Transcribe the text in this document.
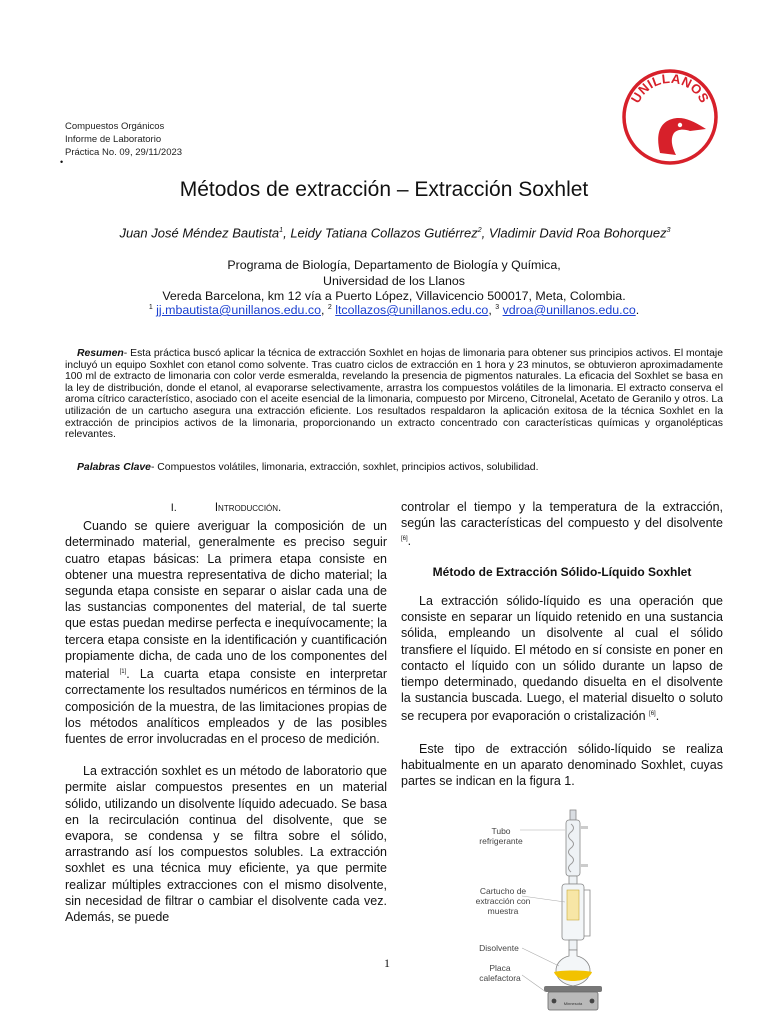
Compuestos Orgánicos
Informe de Laboratorio
Práctica No. 09, 29/11/2023
•
UNILLANOS
Métodos de extracción – Extracción Soxhlet
Juan José Méndez Bautista$^1$, Leidy Tatiana Collazos Gutiérrez$^2$, Vladimir David Roa Bohorquez$^3$
Programa de Biología, Departamento de Biología y Química,
Universidad de los Llanos
Vereda Barcelona, km 12 vía a Puerto López, Villavicencio 500017, Meta, Colombia.
$^1$ jj.mbautista@unillanos.edu.co, $^2$ ltcollazos@unillanos.edu.co, $^3$ vdroa@unillanos.edu.co.
Resumen- Esta práctica buscó aplicar la técnica de extracción Soxhlet en hojas de limonaria para obtener sus principios activos. El montaje incluyó un equipo Soxhlet con etanol como solvente. Tras cuatro ciclos de extracción en 1 hora y 23 minutos, se obtuvieron aproximadamente 100 ml de extracto de limonaria con color verde esmeralda, revelando la presencia de pigmentos naturales. La eficacia del Soxhlet se basa en la ley de distribución, donde el etanol, al evaporarse selectivamente, arrastra los compuestos volátiles de la limonaria. El extracto conserva el aroma cítrico característico, asociado con el aceite esencial de la limonaria, compuesto por Mirceno, Citronelal, Acetato de Geranilo y otros. La utilización de un cartucho asegura una extracción eficiente. Los resultados respaldaron la aplicación exitosa de la técnica Soxhlet en la extracción de principios activos de la limonaria, proporcionando un extracto concentrado con características químicas y organolépticas relevantes.
Palabras Clave- Compuestos volátiles, limonaria, extracción, soxhlet, principios activos, solubilidad.
I.	Introducción.

Cuando se quiere averiguar la composición de un determinado material, generalmente es preciso seguir cuatro etapas básicas: La primera etapa consiste en obtener una muestra representativa de dicho material; la segunda etapa consiste en separar o aislar cada una de las sustancias componentes del material, de tal suerte que estas puedan medirse perfecta e inequívocamente; la tercera etapa consiste en la identificación y cuantificación propiamente dicha, de cada uno de los componentes del material [1]. La cuarta etapa consiste en interpretar correctamente los resultados numéricos en términos de la composición de la muestra, de las limitaciones propias de los métodos analíticos empleados y de las posibles fuentes de error involucradas en el proceso de medición.

La extracción soxhlet es un método de laboratorio que permite aislar compuestos presentes en un material sólido, utilizando un disolvente líquido adecuado. Se basa en la recirculación continua del disolvente, que se evapora, se condensa y se filtra sobre el sólido, arrastrando así los compuestos solubles. La extracción soxhlet es una técnica muy eficiente, ya que permite realizar múltiples extracciones con el mismo disolvente, sin necesidad de filtrar o cambiar el disolvente cada vez. Además, se puede

controlar el tiempo y la temperatura de la extracción, según las características del compuesto y del disolvente [6].

Método de Extracción Sólido-Líquido Soxhlet

La extracción sólido-líquido es una operación que consiste en separar un líquido retenido en una sustancia sólida, empleando un disolvente al cual el sólido transfiere el líquido. El método en sí consiste en poner en contacto el líquido con un sólido durante un lapso de tiempo determinado, quedando disuelta en el disolvente la sustancia buscada. Luego, el material disuelto o soluto se recupera por evaporación o cristalización [6].

Este tipo de extracción sólido-líquido se realiza habitualmente en un aparato denominado Soxhlet, cuyas partes se indican en la figura 1.

Minnesota
Tubo refrigerante
Cartucho de extracción con muestra
Disolvente
Placa calefactora
1
